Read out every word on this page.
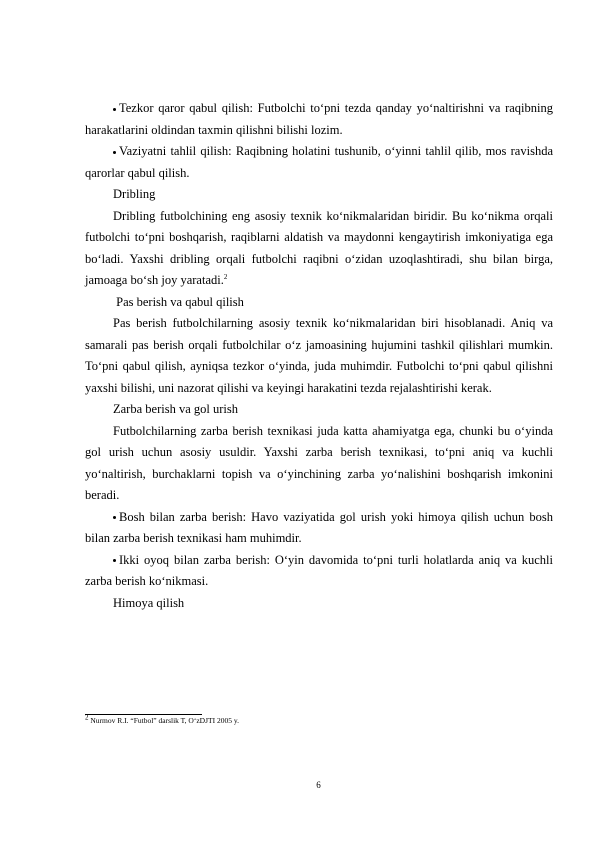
Tezkor qaror qabul qilish: Futbolchi to‘pni tezda qanday yo‘naltirishni va raqibning harakatlarini oldindan taxmin qilishni bilishi lozim.

Vaziyatni tahlil qilish: Raqibning holatini tushunib, o‘yinni tahlil qilib, mos ravishda qarorlar qabul qilish.

Dribling

Dribling futbolchining eng asosiy texnik ko‘nikmalaridan biridir. Bu ko‘nikma orqali futbolchi to‘pni boshqarish, raqiblarni aldatish va maydonni kengaytirish imkoniyatiga ega bo‘ladi. Yaxshi dribling orqali futbolchi raqibni o‘zidan uzoqlashtiradi, shu bilan birga, jamoaga bo‘sh joy yaratadi.$^2$

Pas berish va qabul qilish

Pas berish futbolchilarning asosiy texnik ko‘nikmalaridan biri hisoblanadi. Aniq va samarali pas berish orqali futbolchilar o‘z jamoasining hujumini tashkil qilishlari mumkin. To‘pni qabul qilish, ayniqsa tezkor o‘yinda, juda muhimdir. Futbolchi to‘pni qabul qilishni yaxshi bilishi, uni nazorat qilishi va keyingi harakatini tezda rejalashtirishi kerak.

Zarba berish va gol urish

Futbolchilarning zarba berish texnikasi juda katta ahamiyatga ega, chunki bu o‘yinda gol urish uchun asosiy usuldir. Yaxshi zarba berish texnikasi, to‘pni aniq va kuchli yo‘naltirish, burchaklarni topish va o‘yinchining zarba yo‘nalishini boshqarish imkonini beradi.

Bosh bilan zarba berish: Havo vaziyatida gol urish yoki himoya qilish uchun bosh bilan zarba berish texnikasi ham muhimdir.

Ikki oyoq bilan zarba berish: O‘yin davomida to‘pni turli holatlarda aniq va kuchli zarba berish ko‘nikmasi.

Himoya qilish

$^2$ Nurmov R.I. “Futbol” darslik T, O‘zDJTI 2005 y.
6
